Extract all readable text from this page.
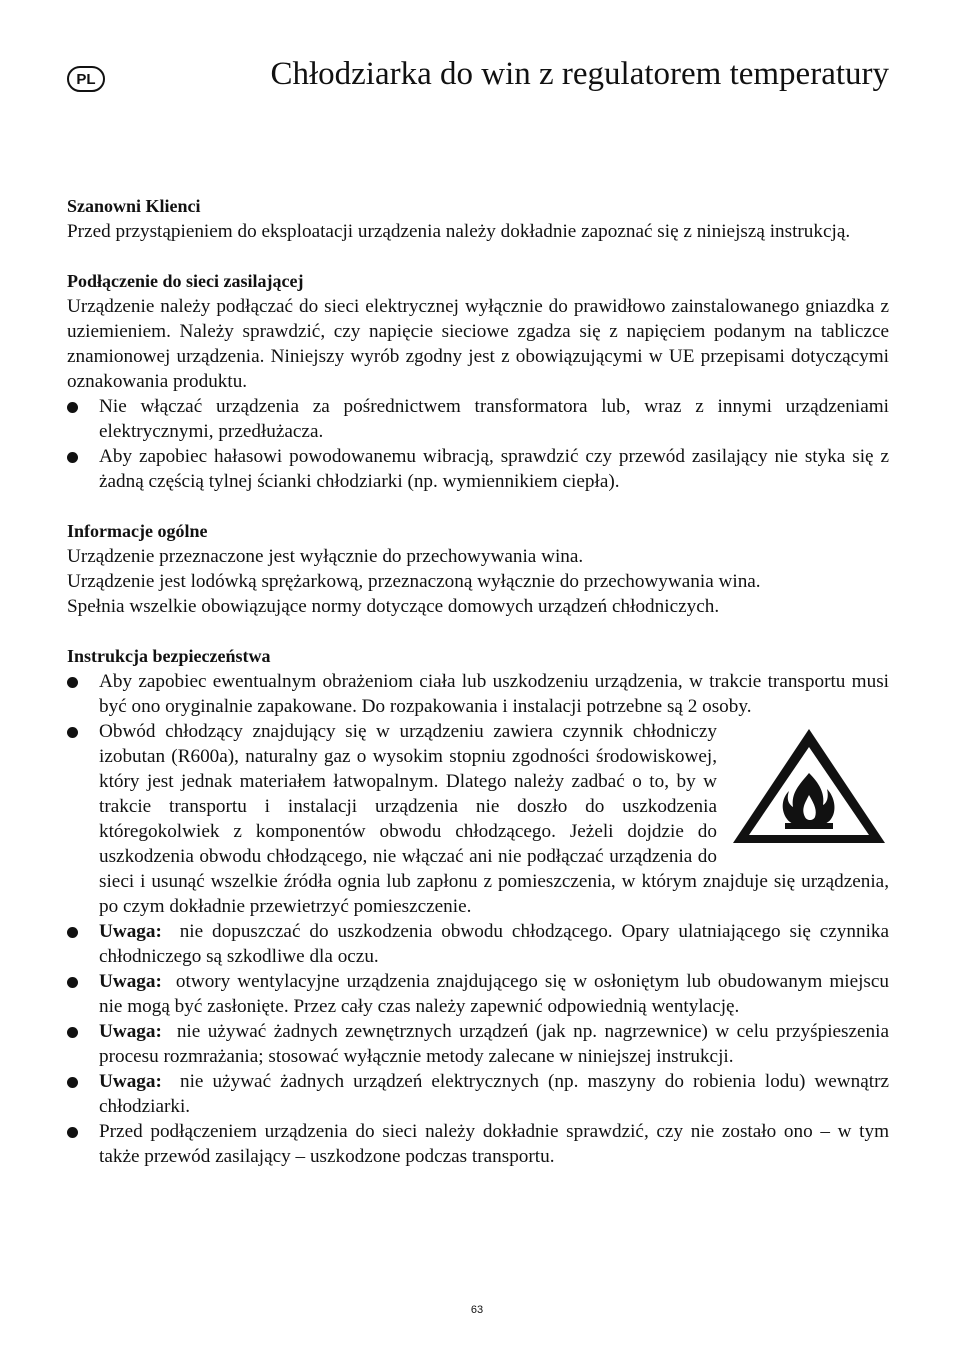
PL	Chłodziarka do win z regulatorem temperatury

Szanowni Klienci

Przed przystąpieniem do eksploatacji urządzenia należy dokładnie zapoznać się z niniejszą instrukcją.

Podłączenie do sieci zasilającej

Urządzenie należy podłączać do sieci elektrycznej wyłącznie do prawidłowo zainstalowanego gniazdka z uziemieniem. Należy sprawdzić, czy napięcie sieciowe zgadza się z napięciem podanym na tabliczce znamionowej urządzenia. Niniejszy wyrób zgodny jest z obowiązującymi w UE przepisami dotyczącymi oznakowania produktu.

Nie włączać urządzenia za pośrednictwem transformatora lub, wraz z innymi urządzeniami elektrycznymi, przedłużacza.
Aby zapobiec hałasowi powodowanemu wibracją, sprawdzić czy przewód zasilający nie styka się z żadną częścią tylnej ścianki chłodziarki (np. wymiennikiem ciepła).

Informacje ogólne

Urządzenie przeznaczone jest wyłącznie do przechowywania wina.

Urządzenie jest lodówką sprężarkową, przeznaczoną wyłącznie do przechowywania wina.

Spełnia wszelkie obowiązujące normy dotyczące domowych urządzeń chłodniczych.

Instrukcja bezpieczeństwa

Aby zapobiec ewentualnym obrażeniom ciała lub uszkodzeniu urządzenia, w trakcie transportu musi być ono oryginalnie zapakowane. Do rozpakowania i instalacji potrzebne są 2 osoby.
Obwód chłodzący znajdujący się w urządzeniu zawiera czynnik chłodniczy izobutan (R600a), naturalny gaz o wysokim stopniu zgodności środowiskowej, który jest jednak materiałem łatwopalnym. Dlatego należy zadbać o to, by w trakcie transportu i instalacji urządzenia nie doszło do uszkodzenia któregokolwiek z komponentów obwodu chłodzącego. Jeżeli dojdzie do uszkodzenia obwodu chłodzącego, nie włączać ani nie podłączać urządzenia do sieci i usunąć wszelkie źródła ognia lub zapłonu z pomieszczenia, w którym znajduje się urządzenia, po czym dokładnie przewietrzyć pomieszczenie.
Uwaga: nie dopuszczać do uszkodzenia obwodu chłodzącego. Opary ulatniającego się czynnika chłodniczego są szkodliwe dla oczu.
Uwaga: otwory wentylacyjne urządzenia znajdującego się w osłoniętym lub obudowanym miejscu nie mogą być zasłonięte. Przez cały czas należy zapewnić odpowiednią wentylację.
Uwaga: nie używać żadnych zewnętrznych urządzeń (jak np. nagrzewnice) w celu przyśpieszenia procesu rozmrażania; stosować wyłącznie metody zalecane w niniejszej instrukcji.
Uwaga: nie używać żadnych urządzeń elektrycznych (np. maszyny do robienia lodu) wewnątrz chłodziarki.
Przed podłączeniem urządzenia do sieci należy dokładnie sprawdzić, czy nie zostało ono – w tym także przewód zasilający – uszkodzone podczas transportu.
63
